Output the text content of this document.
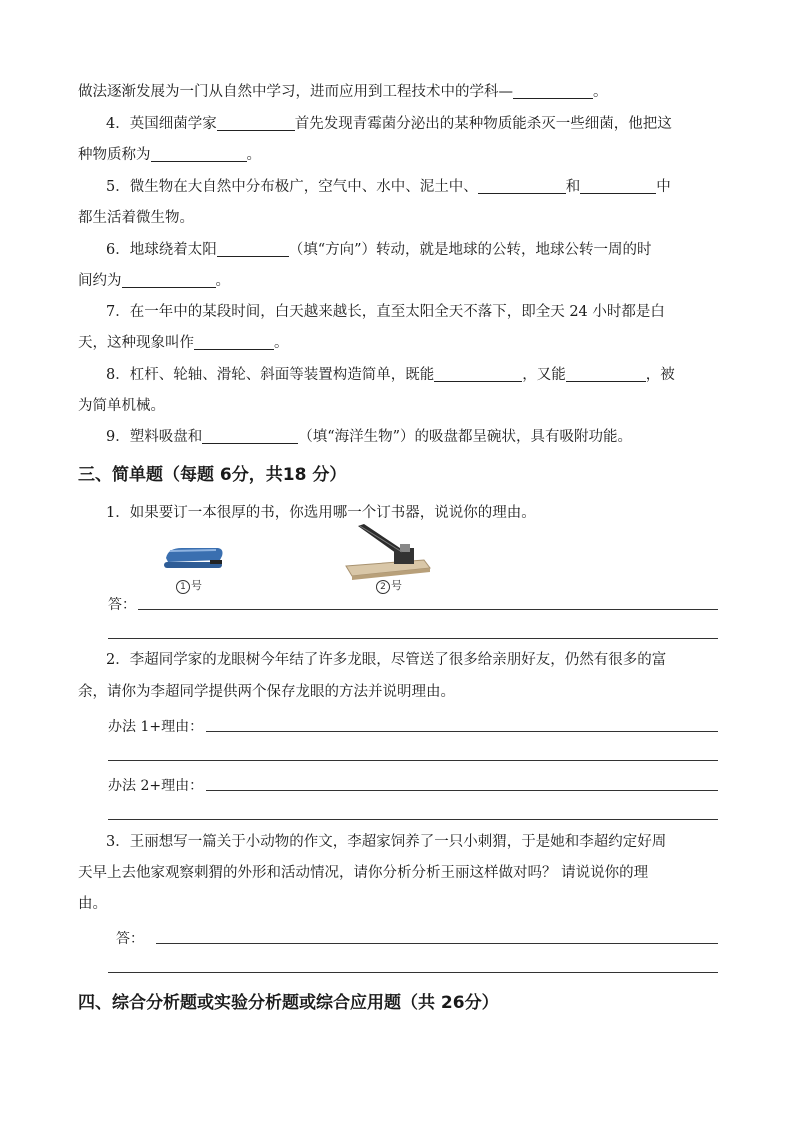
做法逐渐发展为一门从自然中学习，进而应用到工程技术中的学科—	。
4．英国细菌学家	首先发现青霉菌分泌出的某种物质能杀灭一些细菌，他把这
种物质称为	。
5．微生物在大自然中分布极广，空气中、水中、泥土中、	和	中
都生活着微生物。
6．地球绕着太阳	（填“方向”）转动，就是地球的公转，地球公转一周的时
间约为	。
7．在一年中的某段时间，白天越来越长，直至太阳全天不落下，即全天 24 小时都是白
天，这种现象叫作	。
8．杠杆、轮轴、滑轮、斜面等装置构造简单，既能	，又能	，被
为简单机械。
9．塑料吸盘和	（填“海洋生物”）的吸盘都呈碗状，具有吸附功能。
三、简单题（每题 6分，共18 分）
1．如果要订一本很厚的书，你选用哪一个订书器，说说你的理由。
1 号	2 号
答：
2．李超同学家的龙眼树今年结了许多龙眼，尽管送了很多给亲朋好友，仍然有很多的富
余，请你为李超同学提供两个保存龙眼的方法并说明理由。
办法 1+理由：
办法 2+理由：
3．王丽想写一篇关于小动物的作文，李超家饲养了一只小刺猬，于是她和李超约定好周
天早上去他家观察刺猬的外形和活动情况，请你分析分析王丽这样做对吗？ 请说说你的理
由。
答：
四、综合分析题或实验分析题或综合应用题（共 26分）
